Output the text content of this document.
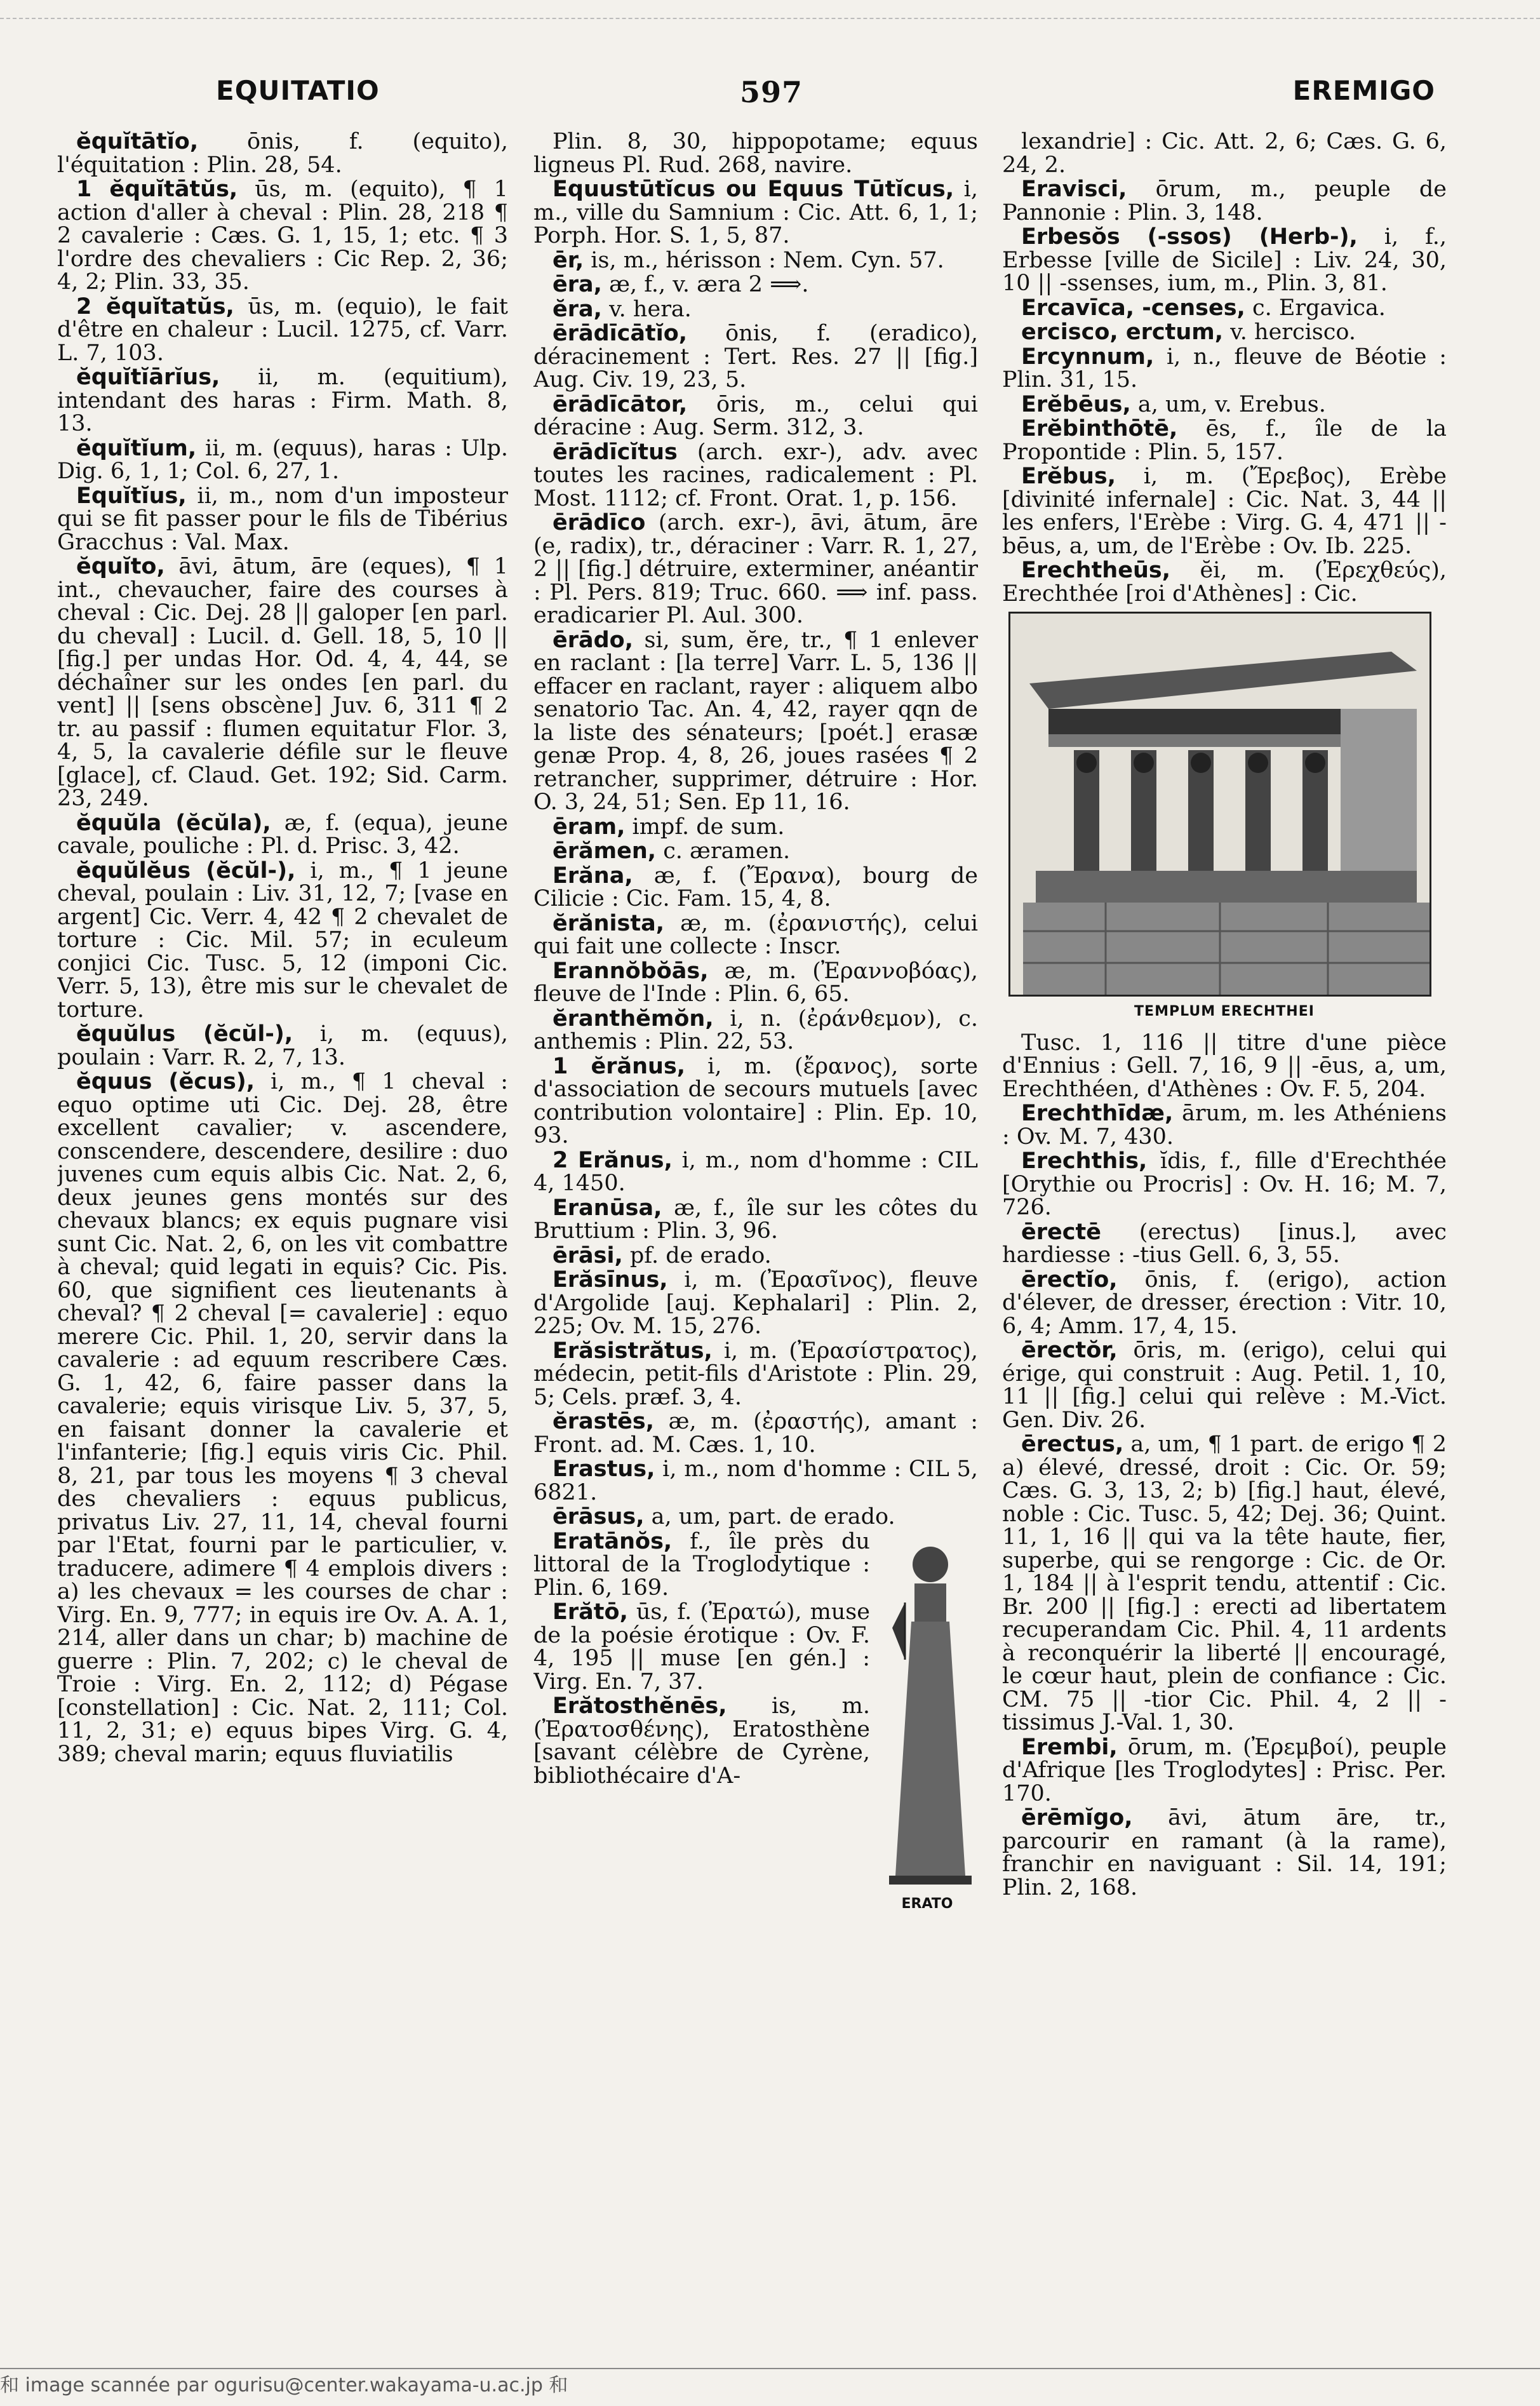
EQUITATIO	597	EREMIGO

ĕquĭtātĭo, ōnis, f. (equito), l'équitation : Plin. 28, 54.

1 ĕquĭtātŭs, ūs, m. (equito), ¶ 1 action d'aller à cheval : Plin. 28, 218 ¶ 2 cavalerie : Cæs. G. 1, 15, 1; etc. ¶ 3 l'ordre des chevaliers : Cic Rep. 2, 36; 4, 2; Plin. 33, 35.

2 ĕquĭtatŭs, ūs, m. (equio), le fait d'être en chaleur : Lucil. 1275, cf. Varr. L. 7, 103.

ĕquĭtĭārĭus, ii, m. (equitium), intendant des haras : Firm. Math. 8, 13.

ĕquĭtĭum, ii, m. (equus), haras : Ulp. Dig. 6, 1, 1; Col. 6, 27, 1.

Equĭtĭus, ii, m., nom d'un imposteur qui se fit passer pour le fils de Tibérius Gracchus : Val. Max.

ĕquĭto, āvi, ātum, āre (eques), ¶ 1 int., chevaucher, faire des courses à cheval : Cic. Dej. 28 || galoper [en parl. du cheval] : Lucil. d. Gell. 18, 5, 10 || [fig.] per undas Hor. Od. 4, 4, 44, se déchaîner sur les ondes [en parl. du vent] || [sens obscène] Juv. 6, 311 ¶ 2 tr. au passif : flumen equitatur Flor. 3, 4, 5, la cavalerie défile sur le fleuve [glace], cf. Claud. Get. 192; Sid. Carm. 23, 249.

ĕquŭla (ĕcŭla), æ, f. (equa), jeune cavale, pouliche : Pl. d. Prisc. 3, 42.

ĕquŭlĕus (ĕcŭl-), i, m., ¶ 1 jeune cheval, poulain : Liv. 31, 12, 7; [vase en argent] Cic. Verr. 4, 42 ¶ 2 chevalet de torture : Cic. Mil. 57; in eculeum conjici Cic. Tusc. 5, 12 (imponi Cic. Verr. 5, 13), être mis sur le chevalet de torture.

ĕquŭlus (ĕcŭl-), i, m. (equus), poulain : Varr. R. 2, 7, 13.

ĕquus (ĕcus), i, m., ¶ 1 cheval : equo optime uti Cic. Dej. 28, être excellent cavalier; v. ascendere, conscendere, descendere, desilire : duo juvenes cum equis albis Cic. Nat. 2, 6, deux jeunes gens montés sur des chevaux blancs; ex equis pugnare visi sunt Cic. Nat. 2, 6, on les vit combattre à cheval; quid legati in equis? Cic. Pis. 60, que signifient ces lieutenants à cheval? ¶ 2 cheval [= cavalerie] : equo merere Cic. Phil. 1, 20, servir dans la cavalerie : ad equum rescribere Cæs. G. 1, 42, 6, faire passer dans la cavalerie; equis virisque Liv. 5, 37, 5, en faisant donner la cavalerie et l'infanterie; [fig.] equis viris Cic. Phil. 8, 21, par tous les moyens ¶ 3 cheval des chevaliers : equus publicus, privatus Liv. 27, 11, 14, cheval fourni par l'Etat, fourni par le particulier, v. traducere, adimere ¶ 4 emplois divers : a) les chevaux = les courses de char : Virg. En. 9, 777; in equis ire Ov. A. A. 1, 214, aller dans un char; b) machine de guerre : Plin. 7, 202; c) le cheval de Troie : Virg. En. 2, 112; d) Pégase [constellation] : Cic. Nat. 2, 111; Col. 11, 2, 31; e) equus bipes Virg. G. 4, 389; cheval marin; equus fluviatilis

Plin. 8, 30, hippopotame; equus ligneus Pl. Rud. 268, navire.

Equustūtĭcus ou Equus Tūtĭcus, i, m., ville du Samnium : Cic. Att. 6, 1, 1; Porph. Hor. S. 1, 5, 87.

ēr, is, m., hérisson : Nem. Cyn. 57.

ēra, æ, f., v. æra 2 ⟹.

ĕra, v. hera.

ērādīcātĭo, ōnis, f. (eradico), déracinement : Tert. Res. 27 || [fig.] Aug. Civ. 19, 23, 5.

ērādīcātor, ōris, m., celui qui déracine : Aug. Serm. 312, 3.

ērādīcĭtus (arch. exr-), adv. avec toutes les racines, radicalement : Pl. Most. 1112; cf. Front. Orat. 1, p. 156.

ērādīco (arch. exr-), āvi, ātum, āre (e, radix), tr., déraciner : Varr. R. 1, 27, 2 || [fig.] détruire, exterminer, anéantir : Pl. Pers. 819; Truc. 660. ⟹ inf. pass. eradicarier Pl. Aul. 300.

ērādo, si, sum, ĕre, tr., ¶ 1 enlever en raclant : [la terre] Varr. L. 5, 136 || effacer en raclant, rayer : aliquem albo senatorio Tac. An. 4, 42, rayer qqn de la liste des sénateurs; [poét.] erasæ genæ Prop. 4, 8, 26, joues rasées ¶ 2 retrancher, supprimer, détruire : Hor. O. 3, 24, 51; Sen. Ep 11, 16.

ēram, impf. de sum.

ērămen, c. æramen.

Erăna, æ, f. (Ἔρανα), bourg de Cilicie : Cic. Fam. 15, 4, 8.

ĕrănista, æ, m. (ἐρανιστής), celui qui fait une collecte : Inscr.

Erannŏbŏās, æ, m. (Ἐραννοβόας), fleuve de l'Inde : Plin. 6, 65.

ĕranthĕmŏn, i, n. (ἐράνθεμον), c. anthemis : Plin. 22, 53.

1 ĕrănus, i, m. (ἔρανος), sorte d'association de secours mutuels [avec contribution volontaire] : Plin. Ep. 10, 93.

2 Erănus, i, m., nom d'homme : CIL 4, 1450.

Eranūsa, æ, f., île sur les côtes du Bruttium : Plin. 3, 96.

ērāsi, pf. de erado.

Erăsīnus, i, m. (Ἐρασῖνος), fleuve d'Argolide [auj. Kephalari] : Plin. 2, 225; Ov. M. 15, 276.

Erăsistrătus, i, m. (Ἐρασίστρατος), médecin, petit-fils d'Aristote : Plin. 29, 5; Cels. præf. 3, 4.

ĕrastēs, æ, m. (ἐραστής), amant : Front. ad. M. Cæs. 1, 10.

Erastus, i, m., nom d'homme : CIL 5, 6821.

ērāsus, a, um, part. de erado.

ERATO

Eratānŏs, f., île près du littoral de la Troglodytique : Plin. 6, 169.

Erătō, ūs, f. (Ἐρατώ), muse de la poésie érotique : Ov. F. 4, 195 || muse [en gén.] : Virg. En. 7, 37.

Erătosthĕnēs, is, m. (Ἐρατοσθένης), Eratosthène [savant célèbre de Cyrène, bibliothécaire d'A-

lexandrie] : Cic. Att. 2, 6; Cæs. G. 6, 24, 2.

Eravisci, ōrum, m., peuple de Pannonie : Plin. 3, 148.

Erbesŏs (-ssos) (Herb-), i, f., Erbesse [ville de Sicile] : Liv. 24, 30, 10 || -ssenses, ium, m., Plin. 3, 81.

Ercavīca, -censes, c. Ergavica.

ercisco, erctum, v. hercisco.

Ercynnum, i, n., fleuve de Béotie : Plin. 31, 15.

Erĕbēus, a, um, v. Erebus.

Erĕbinthōtē, ēs, f., île de la Propontide : Plin. 5, 157.

Erĕbus, i, m. (Ἔρεβος), Erèbe [divinité infernale] : Cic. Nat. 3, 44 || les enfers, l'Erèbe : Virg. G. 4, 471 || -bēus, a, um, de l'Erèbe : Ov. Ib. 225.

Erechtheūs, ĕi, m. (Ἐρεχθεύς), Erechthée [roi d'Athènes] : Cic.

TEMPLUM ERECHTHEI

Tusc. 1, 116 || titre d'une pièce d'Ennius : Gell. 7, 16, 9 || -ēus, a, um, Erechthéen, d'Athènes : Ov. F. 5, 204.

Erechthīdæ, ārum, m. les Athéniens : Ov. M. 7, 430.

Erechthis, ĭdis, f., fille d'Erechthée [Orythie ou Procris] : Ov. H. 16; M. 7, 726.

ērectē (erectus) [inus.], avec hardiesse : -tius Gell. 6, 3, 55.

ērectĭo, ōnis, f. (erigo), action d'élever, de dresser, érection : Vitr. 10, 6, 4; Amm. 17, 4, 15.

ērectŏr, ōris, m. (erigo), celui qui érige, qui construit : Aug. Petil. 1, 10, 11 || [fig.] celui qui relève : M.-Vict. Gen. Div. 26.

ērectus, a, um, ¶ 1 part. de erigo ¶ 2 a) élevé, dressé, droit : Cic. Or. 59; Cæs. G. 3, 13, 2; b) [fig.] haut, élevé, noble : Cic. Tusc. 5, 42; Dej. 36; Quint. 11, 1, 16 || qui va la tête haute, fier, superbe, qui se rengorge : Cic. de Or. 1, 184 || à l'esprit tendu, attentif : Cic. Br. 200 || [fig.] : erecti ad libertatem recuperandam Cic. Phil. 4, 11 ardents à reconquérir la liberté || encouragé, le cœur haut, plein de confiance : Cic. CM. 75 || -tior Cic. Phil. 4, 2 || -tissimus J.-Val. 1, 30.

Erembi, ōrum, m. (Ἐρεμβοί), peuple d'Afrique [les Troglodytes] : Prisc. Per. 170.

ērēmĭgo, āvi, ātum āre, tr., parcourir en ramant (à la rame), franchir en naviguant : Sil. 14, 191; Plin. 2, 168.

和 image scannée par ogurisu@center.wakayama-u.ac.jp 和
